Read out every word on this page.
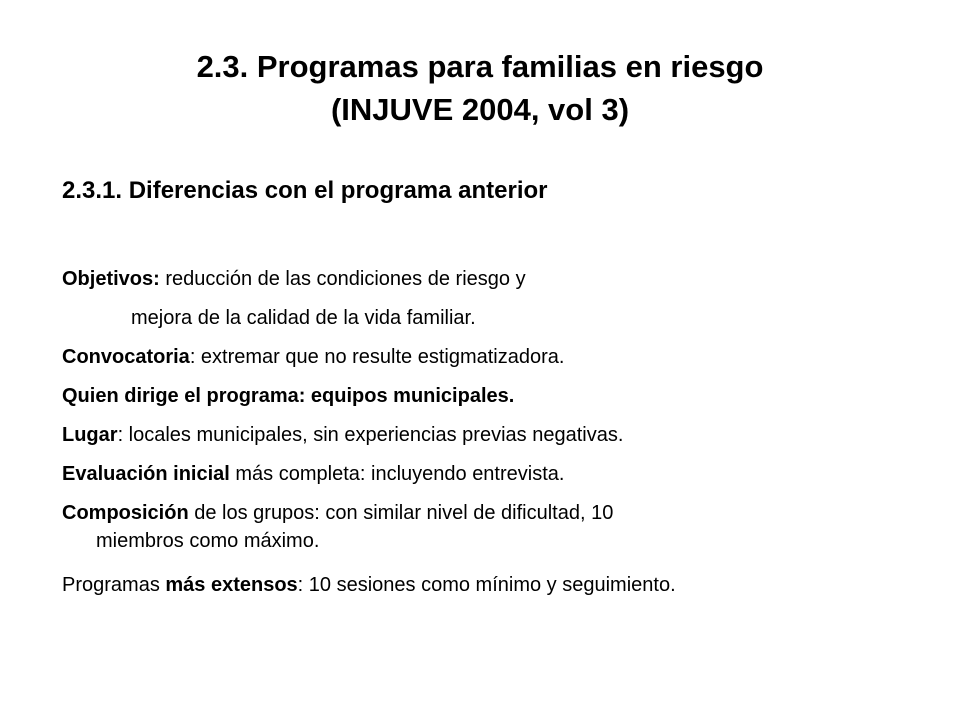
2.3. Programas para familias en riesgo
(INJUVE 2004, vol 3)
2.3.1. Diferencias con el programa anterior
Objetivos: reducción de las condiciones de riesgo y
mejora de la calidad de la vida familiar.
Convocatoria: extremar que no resulte estigmatizadora.
Quien dirige el programa: equipos municipales.
Lugar: locales municipales, sin experiencias previas negativas.
Evaluación inicial más completa: incluyendo entrevista.
Composición de los grupos: con similar nivel de dificultad, 10
miembros como máximo.
Programas más extensos: 10 sesiones como mínimo y seguimiento.
